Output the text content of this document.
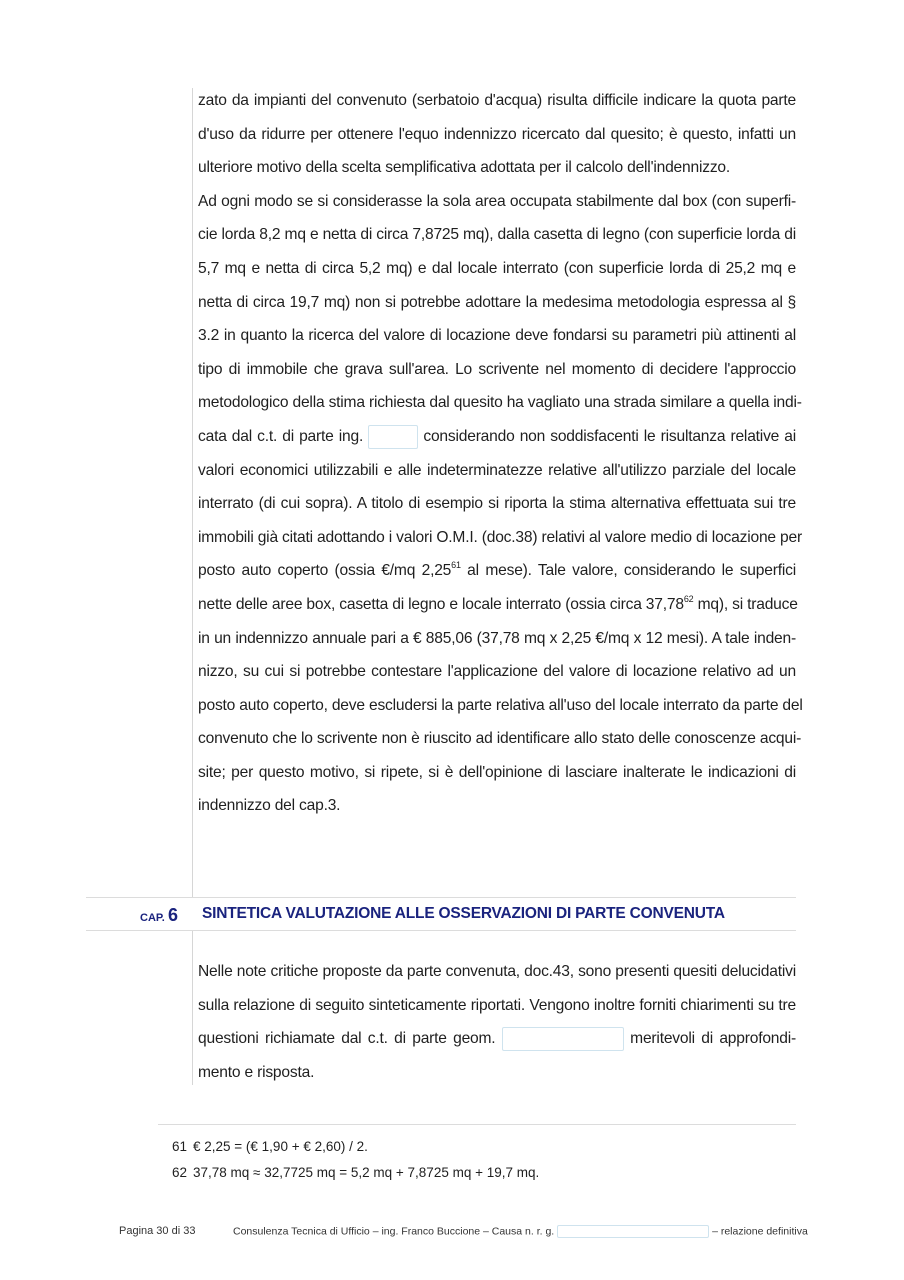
zato da impianti del convenuto (serbatoio d'acqua) risulta difficile indicare la quota parte
d'uso da ridurre per ottenere l'equo indennizzo ricercato dal quesito; è questo, infatti un
ulteriore motivo della scelta semplificativa adottata per il calcolo dell'indennizzo.
Ad ogni modo se si considerasse la sola area occupata stabilmente dal box (con superfi-
cie lorda 8,2 mq e netta di circa 7,8725 mq), dalla casetta di legno (con superficie lorda di
5,7 mq e netta di circa 5,2 mq) e dal locale interrato (con superficie lorda di 25,2 mq e
netta di circa 19,7 mq) non si potrebbe adottare la medesima metodologia espressa al §
3.2 in quanto la ricerca del valore di locazione deve fondarsi su parametri più attinenti al
tipo di immobile che grava sull'area. Lo scrivente nel momento di decidere l'approccio
metodologico della stima richiesta dal quesito ha vagliato una strada similare a quella indi-
cata dal c.t. di parte ing.	considerando non soddisfacenti le risultanza relative ai
valori economici utilizzabili e alle indeterminatezze relative all'utilizzo parziale del locale
interrato (di cui sopra). A titolo di esempio si riporta la stima alternativa effettuata sui tre
immobili già citati adottando i valori O.M.I. (doc.38) relativi al valore medio di locazione per
posto auto coperto (ossia €/mq 2,25$^{61}$ al mese). Tale valore, considerando le superfici
nette delle aree box, casetta di legno e locale interrato (ossia circa 37,78$^{62}$ mq), si traduce
in un indennizzo annuale pari a € 885,06 (37,78 mq x 2,25 €/mq x 12 mesi). A tale inden-
nizzo, su cui si potrebbe contestare l'applicazione del valore di locazione relativo ad un
posto auto coperto, deve escludersi la parte relativa all'uso del locale interrato da parte del
convenuto che lo scrivente non è riuscito ad identificare allo stato delle conoscenze acqui-
site; per questo motivo, si ripete, si è dell'opinione di lasciare inalterate le indicazioni di
indennizzo del cap.3.
CAP. 6 SINTETICA VALUTAZIONE ALLE OSSERVAZIONI DI PARTE CONVENUTA
Nelle note critiche proposte da parte convenuta, doc.43, sono presenti quesiti delucidativi
sulla relazione di seguito sinteticamente riportati. Vengono inoltre forniti chiarimenti su tre
questioni richiamate dal c.t. di parte geom.	meritevoli di approfondi-
mento e risposta.
61 € 2,25 = (€ 1,90 + € 2,60) / 2.
62 37,78 mq ≈ 32,7725 mq = 5,2 mq + 7,8725 mq + 19,7 mq.
Pagina 30 di 33	Consulenza Tecnica di Ufficio – ing. Franco Buccione – Causa n. r. g.	– relazione definitiva
